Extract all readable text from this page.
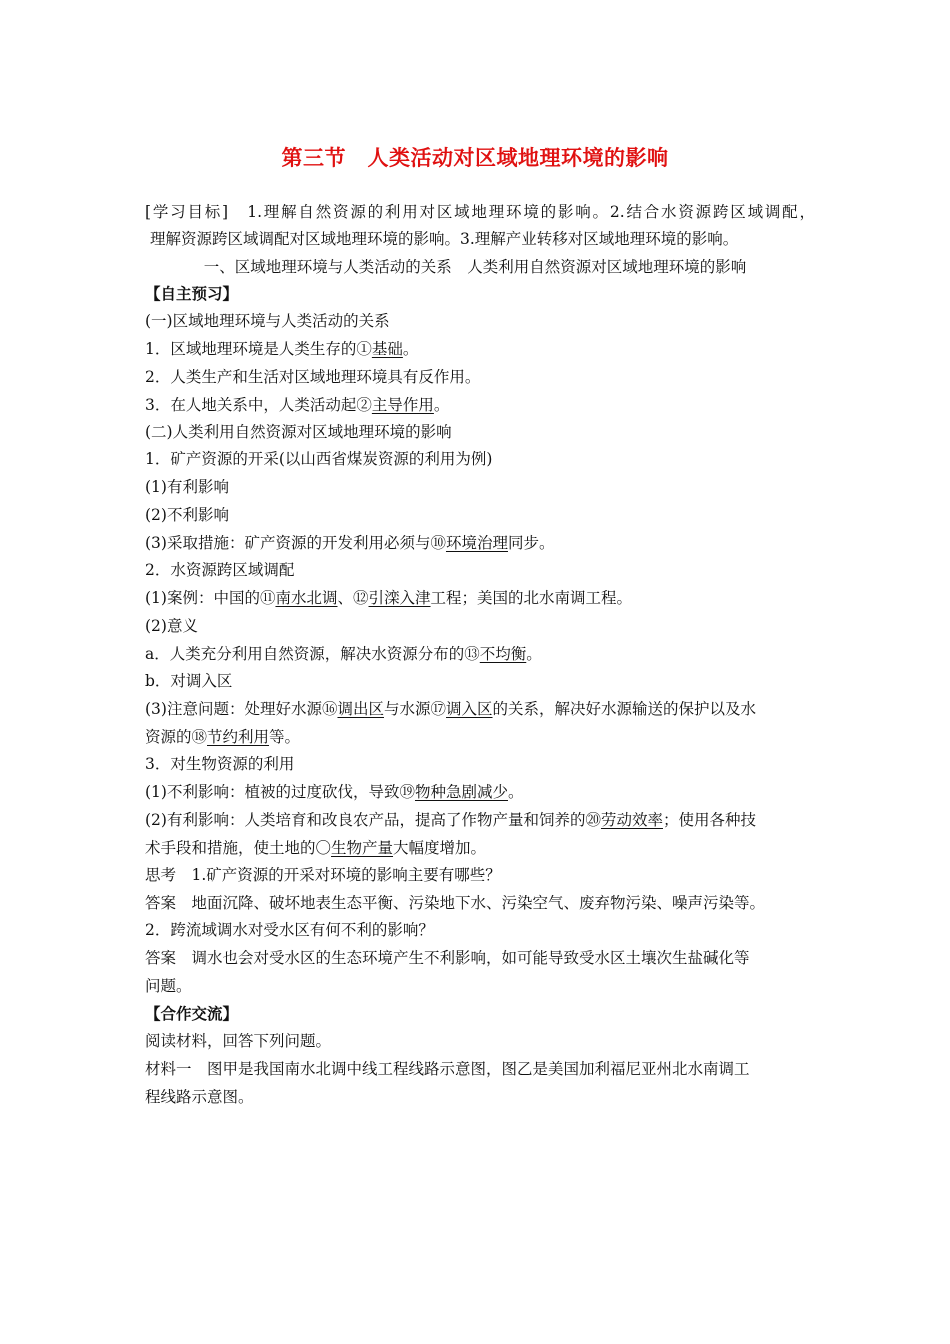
第三节　人类活动对区域地理环境的影响
[学习目标]　1.理解自然资源的利用对区域地理环境的影响。2.结合水资源跨区域调配，
理解资源跨区域调配对区域地理环境的影响。3.理解产业转移对区域地理环境的影响。
一、区域地理环境与人类活动的关系　人类利用自然资源对区域地理环境的影响
【自主预习】
(一)区域地理环境与人类活动的关系
1．区域地理环境是人类生存的①基础。
2．人类生产和生活对区域地理环境具有反作用。
3．在人地关系中，人类活动起②主导作用。
(二)人类利用自然资源对区域地理环境的影响
1．矿产资源的开采(以山西省煤炭资源的利用为例)
(1)有利影响
(2)不利影响
(3)采取措施：矿产资源的开发利用必须与⑩环境治理同步。
2．水资源跨区域调配
(1)案例：中国的⑪南水北调、⑫引滦入津工程；美国的北水南调工程。
(2)意义
a．人类充分利用自然资源，解决水资源分布的⑬不均衡。
b．对调入区
(3)注意问题：处理好水源⑯调出区与水源⑰调入区的关系，解决好水源输送的保护以及水
资源的⑱节约利用等。
3．对生物资源的利用
(1)不利影响：植被的过度砍伐，导致⑲物种急剧减少。
(2)有利影响：人类培育和改良农产品，提高了作物产量和饲养的⑳劳动效率；使用各种技
术手段和措施，使土地的〇生物产量大幅度增加。
思考　1.矿产资源的开采对环境的影响主要有哪些？
答案　地面沉降、破坏地表生态平衡、污染地下水、污染空气、废弃物污染、噪声污染等。
2．跨流域调水对受水区有何不利的影响？
答案　调水也会对受水区的生态环境产生不利影响，如可能导致受水区土壤次生盐碱化等
问题。
【合作交流】
阅读材料，回答下列问题。
材料一　图甲是我国南水北调中线工程线路示意图，图乙是美国加利福尼亚州北水南调工
程线路示意图。
